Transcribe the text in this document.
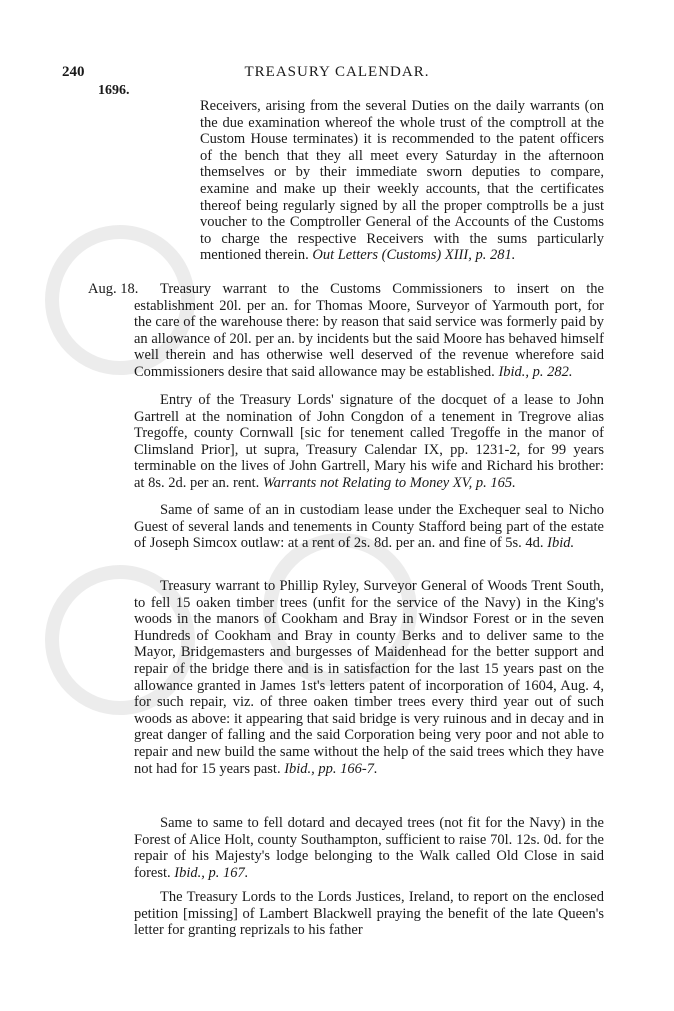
240	TREASURY CALENDAR.
1696.
Receivers, arising from the several Duties on the daily warrants (on the due examination whereof the whole trust of the comptroll at the Custom House terminates) it is recommended to the patent officers of the bench that they all meet every Saturday in the afternoon themselves or by their immediate sworn deputies to compare, examine and make up their weekly accounts, that the certificates thereof being regularly signed by all the proper comptrolls be a just voucher to the Comptroller General of the Accounts of the Customs to charge the respective Receivers with the sums particularly mentioned therein. Out Letters (Customs) XIII, p. 281.
Aug. 18.	Treasury warrant to the Customs Commissioners to insert on the establishment 20l. per an. for Thomas Moore, Surveyor of Yarmouth port, for the care of the warehouse there: by reason that said service was formerly paid by an allowance of 20l. per an. by incidents but the said Moore has behaved himself well therein and has otherwise well deserved of the revenue wherefore said Commissioners desire that said allowance may be established. Ibid., p. 282.
Entry of the Treasury Lords' signature of the docquet of a lease to John Gartrell at the nomination of John Congdon of a tenement in Tregrove alias Tregoffe, county Cornwall [sic for tenement called Tregoffe in the manor of Climsland Prior], ut supra, Treasury Calendar IX, pp. 1231-2, for 99 years terminable on the lives of John Gartrell, Mary his wife and Richard his brother: at 8s. 2d. per an. rent. Warrants not Relating to Money XV, p. 165.
Same of same of an in custodiam lease under the Exchequer seal to Nicho Guest of several lands and tenements in County Stafford being part of the estate of Joseph Simcox outlaw: at a rent of 2s. 8d. per an. and fine of 5s. 4d. Ibid.
Treasury warrant to Phillip Ryley, Surveyor General of Woods Trent South, to fell 15 oaken timber trees (unfit for the service of the Navy) in the King's woods in the manors of Cookham and Bray in Windsor Forest or in the seven Hundreds of Cookham and Bray in county Berks and to deliver same to the Mayor, Bridgemasters and burgesses of Maidenhead for the better support and repair of the bridge there and is in satisfaction for the last 15 years past on the allowance granted in James 1st's letters patent of incorporation of 1604, Aug. 4, for such repair, viz. of three oaken timber trees every third year out of such woods as above: it appearing that said bridge is very ruinous and in decay and in great danger of falling and the said Corporation being very poor and not able to repair and new build the same without the help of the said trees which they have not had for 15 years past. Ibid., pp. 166-7.
Same to same to fell dotard and decayed trees (not fit for the Navy) in the Forest of Alice Holt, county Southampton, sufficient to raise 70l. 12s. 0d. for the repair of his Majesty's lodge belonging to the Walk called Old Close in said forest. Ibid., p. 167.
The Treasury Lords to the Lords Justices, Ireland, to report on the enclosed petition [missing] of Lambert Blackwell praying the benefit of the late Queen's letter for granting reprizals to his father
